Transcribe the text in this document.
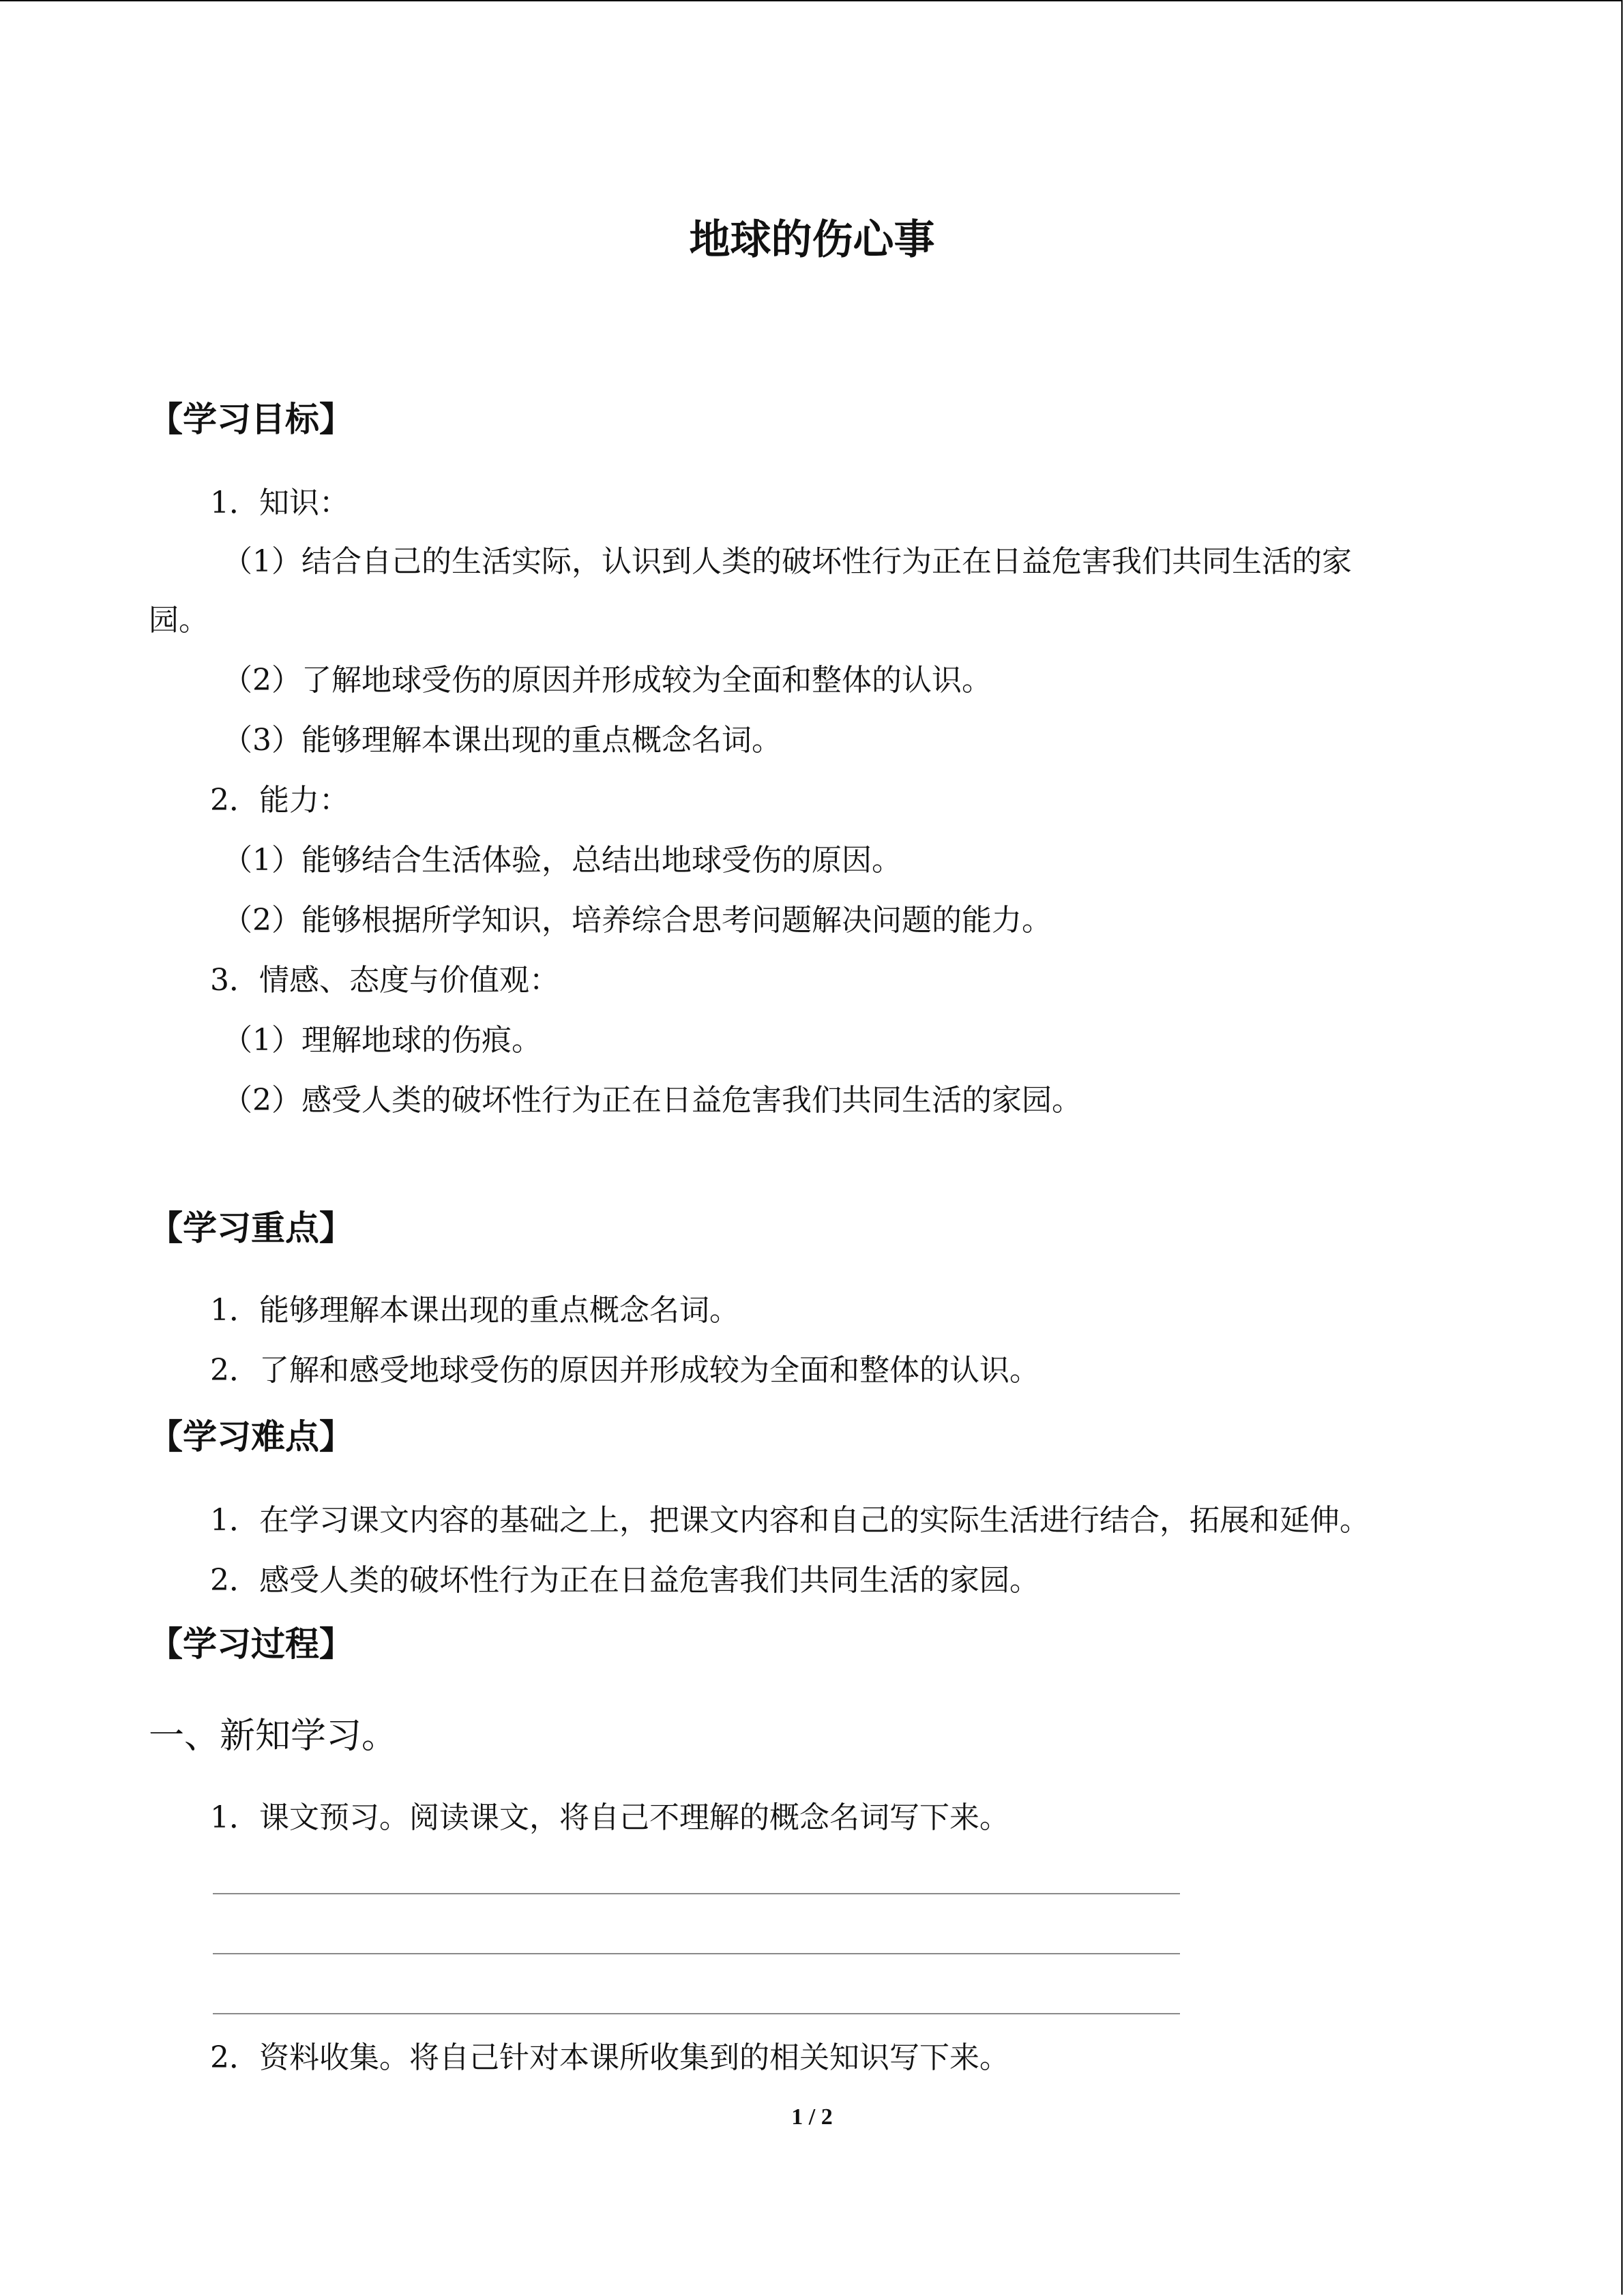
地球的伤心事
【学习目标】

1．知识：

（1）结合自己的生活实际，认识到人类的破坏性行为正在日益危害我们共同生活的家

园。

（2）了解地球受伤的原因并形成较为全面和整体的认识。

（3）能够理解本课出现的重点概念名词。

2．能力：

（1）能够结合生活体验，总结出地球受伤的原因。

（2）能够根据所学知识，培养综合思考问题解决问题的能力。

3．情感、态度与价值观：

（1）理解地球的伤痕。

（2）感受人类的破坏性行为正在日益危害我们共同生活的家园。

【学习重点】

1．能够理解本课出现的重点概念名词。

2．了解和感受地球受伤的原因并形成较为全面和整体的认识。

【学习难点】

1．在学习课文内容的基础之上，把课文内容和自己的实际生活进行结合，拓展和延伸。

2．感受人类的破坏性行为正在日益危害我们共同生活的家园。

【学习过程】

一、新知学习。

1．课文预习。阅读课文，将自己不理解的概念名词写下来。

2．资料收集。将自己针对本课所收集到的相关知识写下来。

1 / 2
